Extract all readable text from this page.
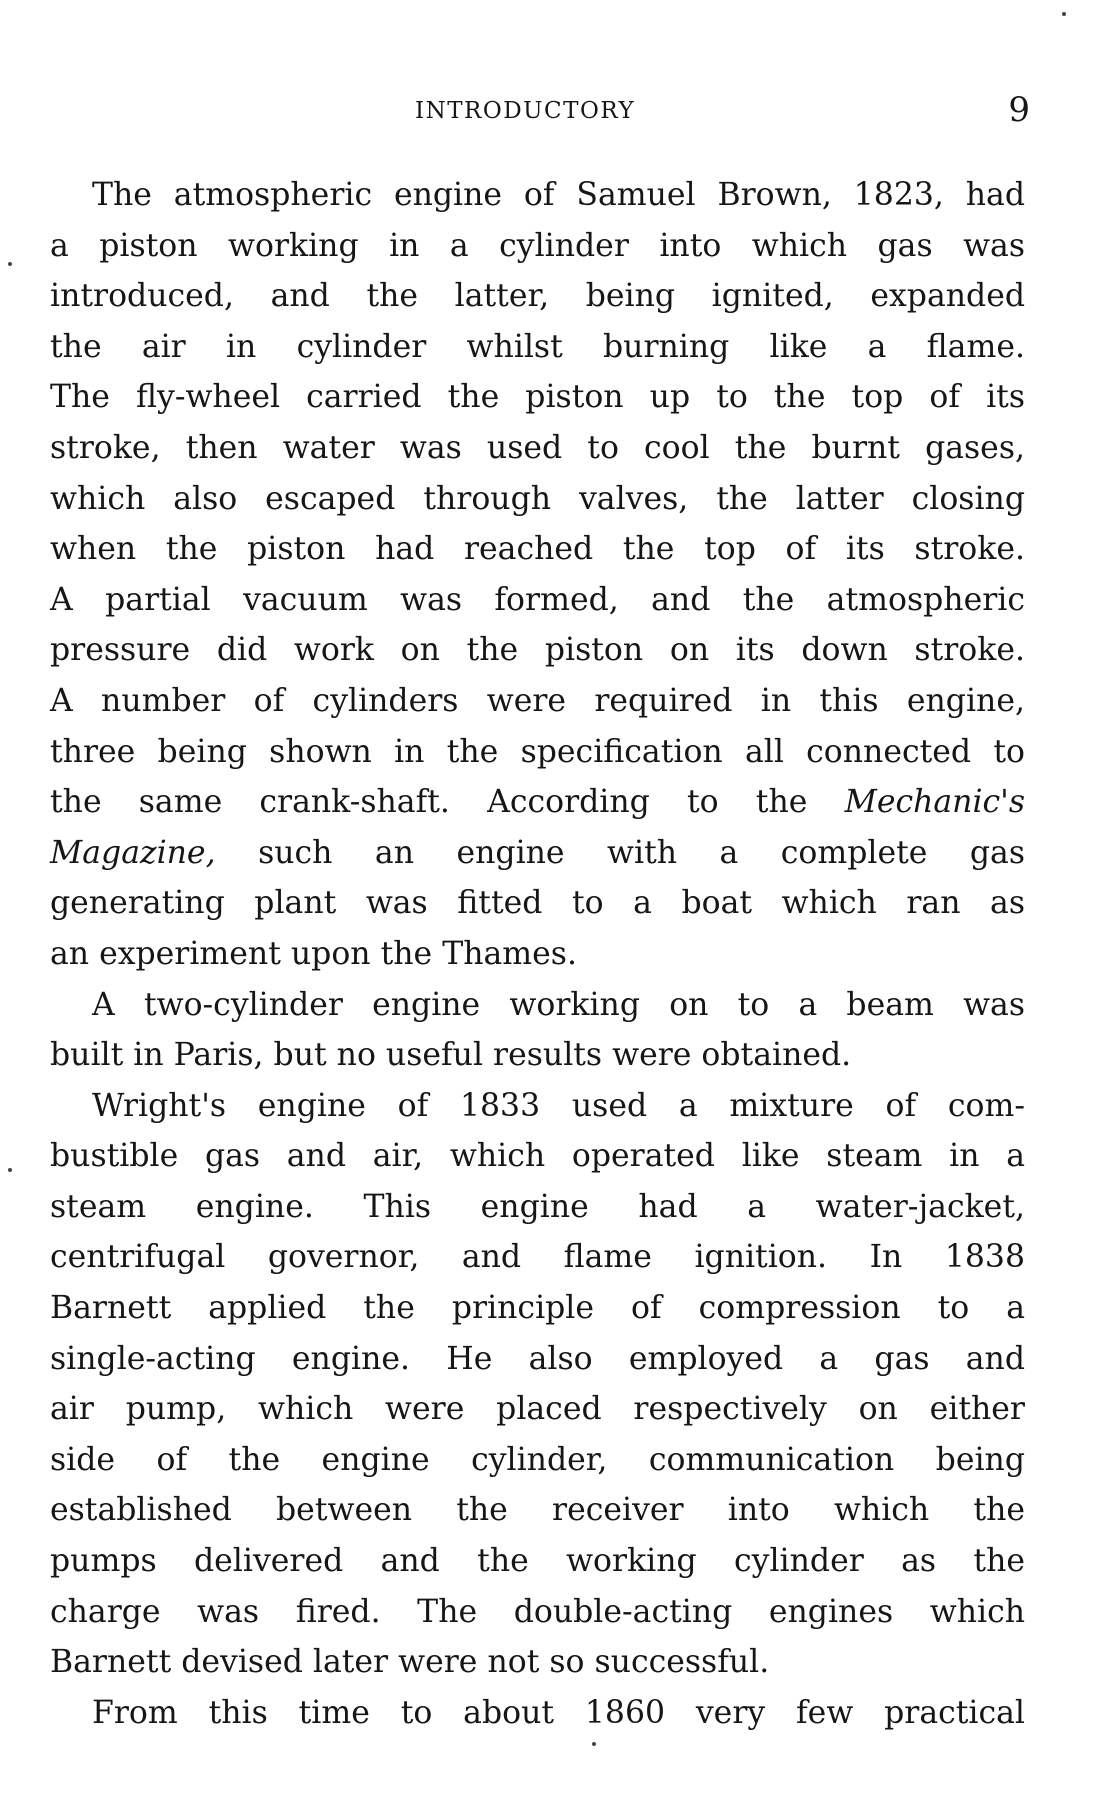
INTRODUCTORY	9
The atmospheric engine of Samuel Brown, 1823, had
a piston working in a cylinder into which gas was
introduced, and the latter, being ignited, expanded
the air in cylinder whilst burning like a flame.
The fly-wheel carried the piston up to the top of its
stroke, then water was used to cool the burnt gases,
which also escaped through valves, the latter closing
when the piston had reached the top of its stroke.
A partial vacuum was formed, and the atmospheric
pressure did work on the piston on its down stroke.
A number of cylinders were required in this engine,
three being shown in the specification all connected to
the same crank-shaft. According to the Mechanic's
Magazine, such an engine with a complete gas
generating plant was fitted to a boat which ran as
an experiment upon the Thames.
A two-cylinder engine working on to a beam was
built in Paris, but no useful results were obtained.
Wright's engine of 1833 used a mixture of com-
bustible gas and air, which operated like steam in a
steam engine. This engine had a water-jacket,
centrifugal governor, and flame ignition. In 1838
Barnett applied the principle of compression to a
single-acting engine. He also employed a gas and
air pump, which were placed respectively on either
side of the engine cylinder, communication being
established between the receiver into which the
pumps delivered and the working cylinder as the
charge was fired. The double-acting engines which
Barnett devised later were not so successful.
From this time to about 1860 very few practical
